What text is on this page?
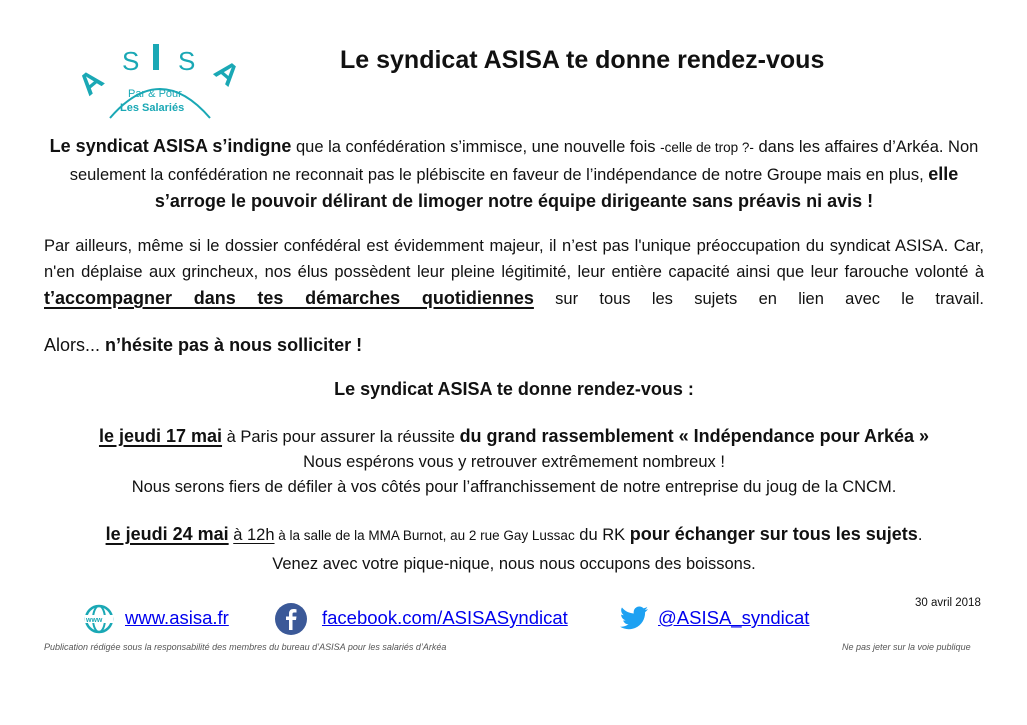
A
S S A
Par & Pour
Les Salariés
Le syndicat ASISA te donne rendez-vous
Le syndicat ASISA s’indigne que la confédération s’immisce, une nouvelle fois -celle de trop ?- dans les affaires d’Arkéa. Non seulement la confédération ne reconnait pas le plébiscite en faveur de l’indépendance de notre Groupe mais en plus, elle s’arroge le pouvoir délirant de limoger notre équipe dirigeante sans préavis ni avis !
Par ailleurs, même si le dossier confédéral est évidemment majeur, il n’est pas l'unique préoccupation du syndicat ASISA. Car, n'en déplaise aux grincheux, nos élus possèdent leur pleine légitimité, leur entière capacité ainsi que leur farouche volonté à t’accompagner dans tes démarches quotidiennes sur tous les sujets en lien avec le travail.
Alors... n’hésite pas à nous solliciter !
Le syndicat ASISA te donne rendez-vous :
le jeudi 17 mai à Paris pour assurer la réussite du grand rassemblement « Indépendance pour Arkéa »
Nous espérons vous y retrouver extrêmement nombreux !
Nous serons fiers de défiler à vos côtés pour l’affranchissement de notre entreprise du joug de la CNCM.
le jeudi 24 mai à 12h à la salle de la MMA Burnot, au 2 rue Gay Lussac du RK pour échanger sur tous les sujets.
Venez avec votre pique-nique, nous nous occupons des boissons.
30 avril 2018
www www.asisa.fr	facebook.com/ASISASyndicat	@ASISA_syndicat
Publication rédigée sous la responsabilité des membres du bureau d’ASISA pour les salariés d’Arkéa	Ne pas jeter sur la voie publique
